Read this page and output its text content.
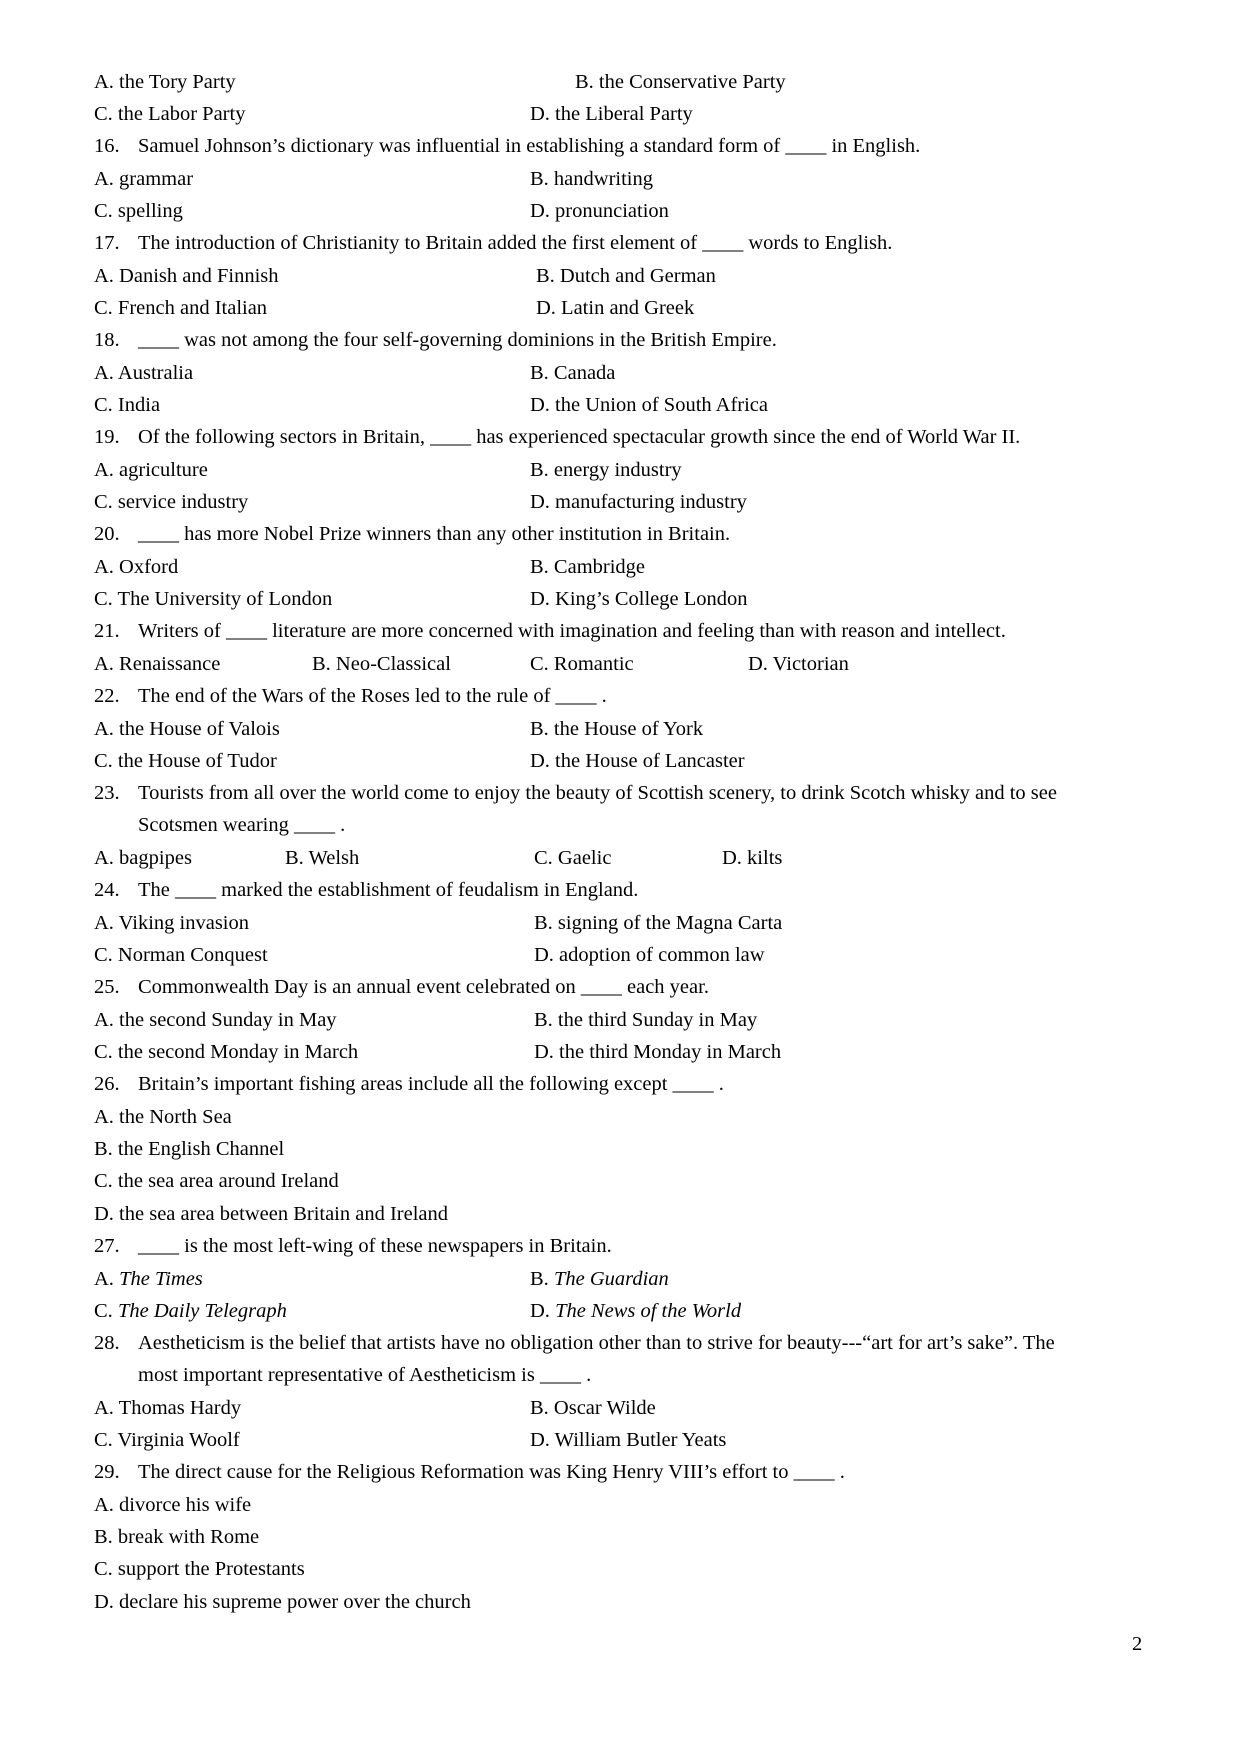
A. the Tory Party	B. the Conservative Party
C. the Labor Party	D. the Liberal Party
16. Samuel Johnson’s dictionary was influential in establishing a standard form of ____ in English.
A. grammar	B. handwriting
C. spelling	D. pronunciation
17. The introduction of Christianity to Britain added the first element of ____ words to English.
A. Danish and Finnish	B. Dutch and German
C. French and Italian	D. Latin and Greek
18. ____ was not among the four self-governing dominions in the British Empire.
A. Australia	B. Canada
C. India	D. the Union of South Africa
19. Of the following sectors in Britain, ____ has experienced spectacular growth since the end of World War II.
A. agriculture	B. energy industry
C. service industry	D. manufacturing industry
20. ____ has more Nobel Prize winners than any other institution in Britain.
A. Oxford	B. Cambridge
C. The University of London	D. King’s College London
21. Writers of ____ literature are more concerned with imagination and feeling than with reason and intellect.
A. Renaissance	B. Neo-Classical	C. Romantic	D. Victorian
22. The end of the Wars of the Roses led to the rule of ____ .
A. the House of Valois	B. the House of York
C. the House of Tudor	D. the House of Lancaster
23. Tourists from all over the world come to enjoy the beauty of Scottish scenery, to drink Scotch whisky and to see
Scotsmen wearing ____ .
A. bagpipes	B. Welsh	C. Gaelic	D. kilts
24. The ____ marked the establishment of feudalism in England.
A. Viking invasion	B. signing of the Magna Carta
C. Norman Conquest	D. adoption of common law
25. Commonwealth Day is an annual event celebrated on ____ each year.
A. the second Sunday in May	B. the third Sunday in May
C. the second Monday in March	D. the third Monday in March
26. Britain’s important fishing areas include all the following except ____ .
A. the North Sea
B. the English Channel
C. the sea area around Ireland
D. the sea area between Britain and Ireland
27. ____ is the most left-wing of these newspapers in Britain.
A. The Times	B. The Guardian
C. The Daily Telegraph	D. The News of the World
28. Aestheticism is the belief that artists have no obligation other than to strive for beauty---“art for art’s sake”. The
most important representative of Aestheticism is ____ .
A. Thomas Hardy	B. Oscar Wilde
C. Virginia Woolf	D. William Butler Yeats
29. The direct cause for the Religious Reformation was King Henry VIII’s effort to ____ .
A. divorce his wife
B. break with Rome
C. support the Protestants
D. declare his supreme power over the church
2
